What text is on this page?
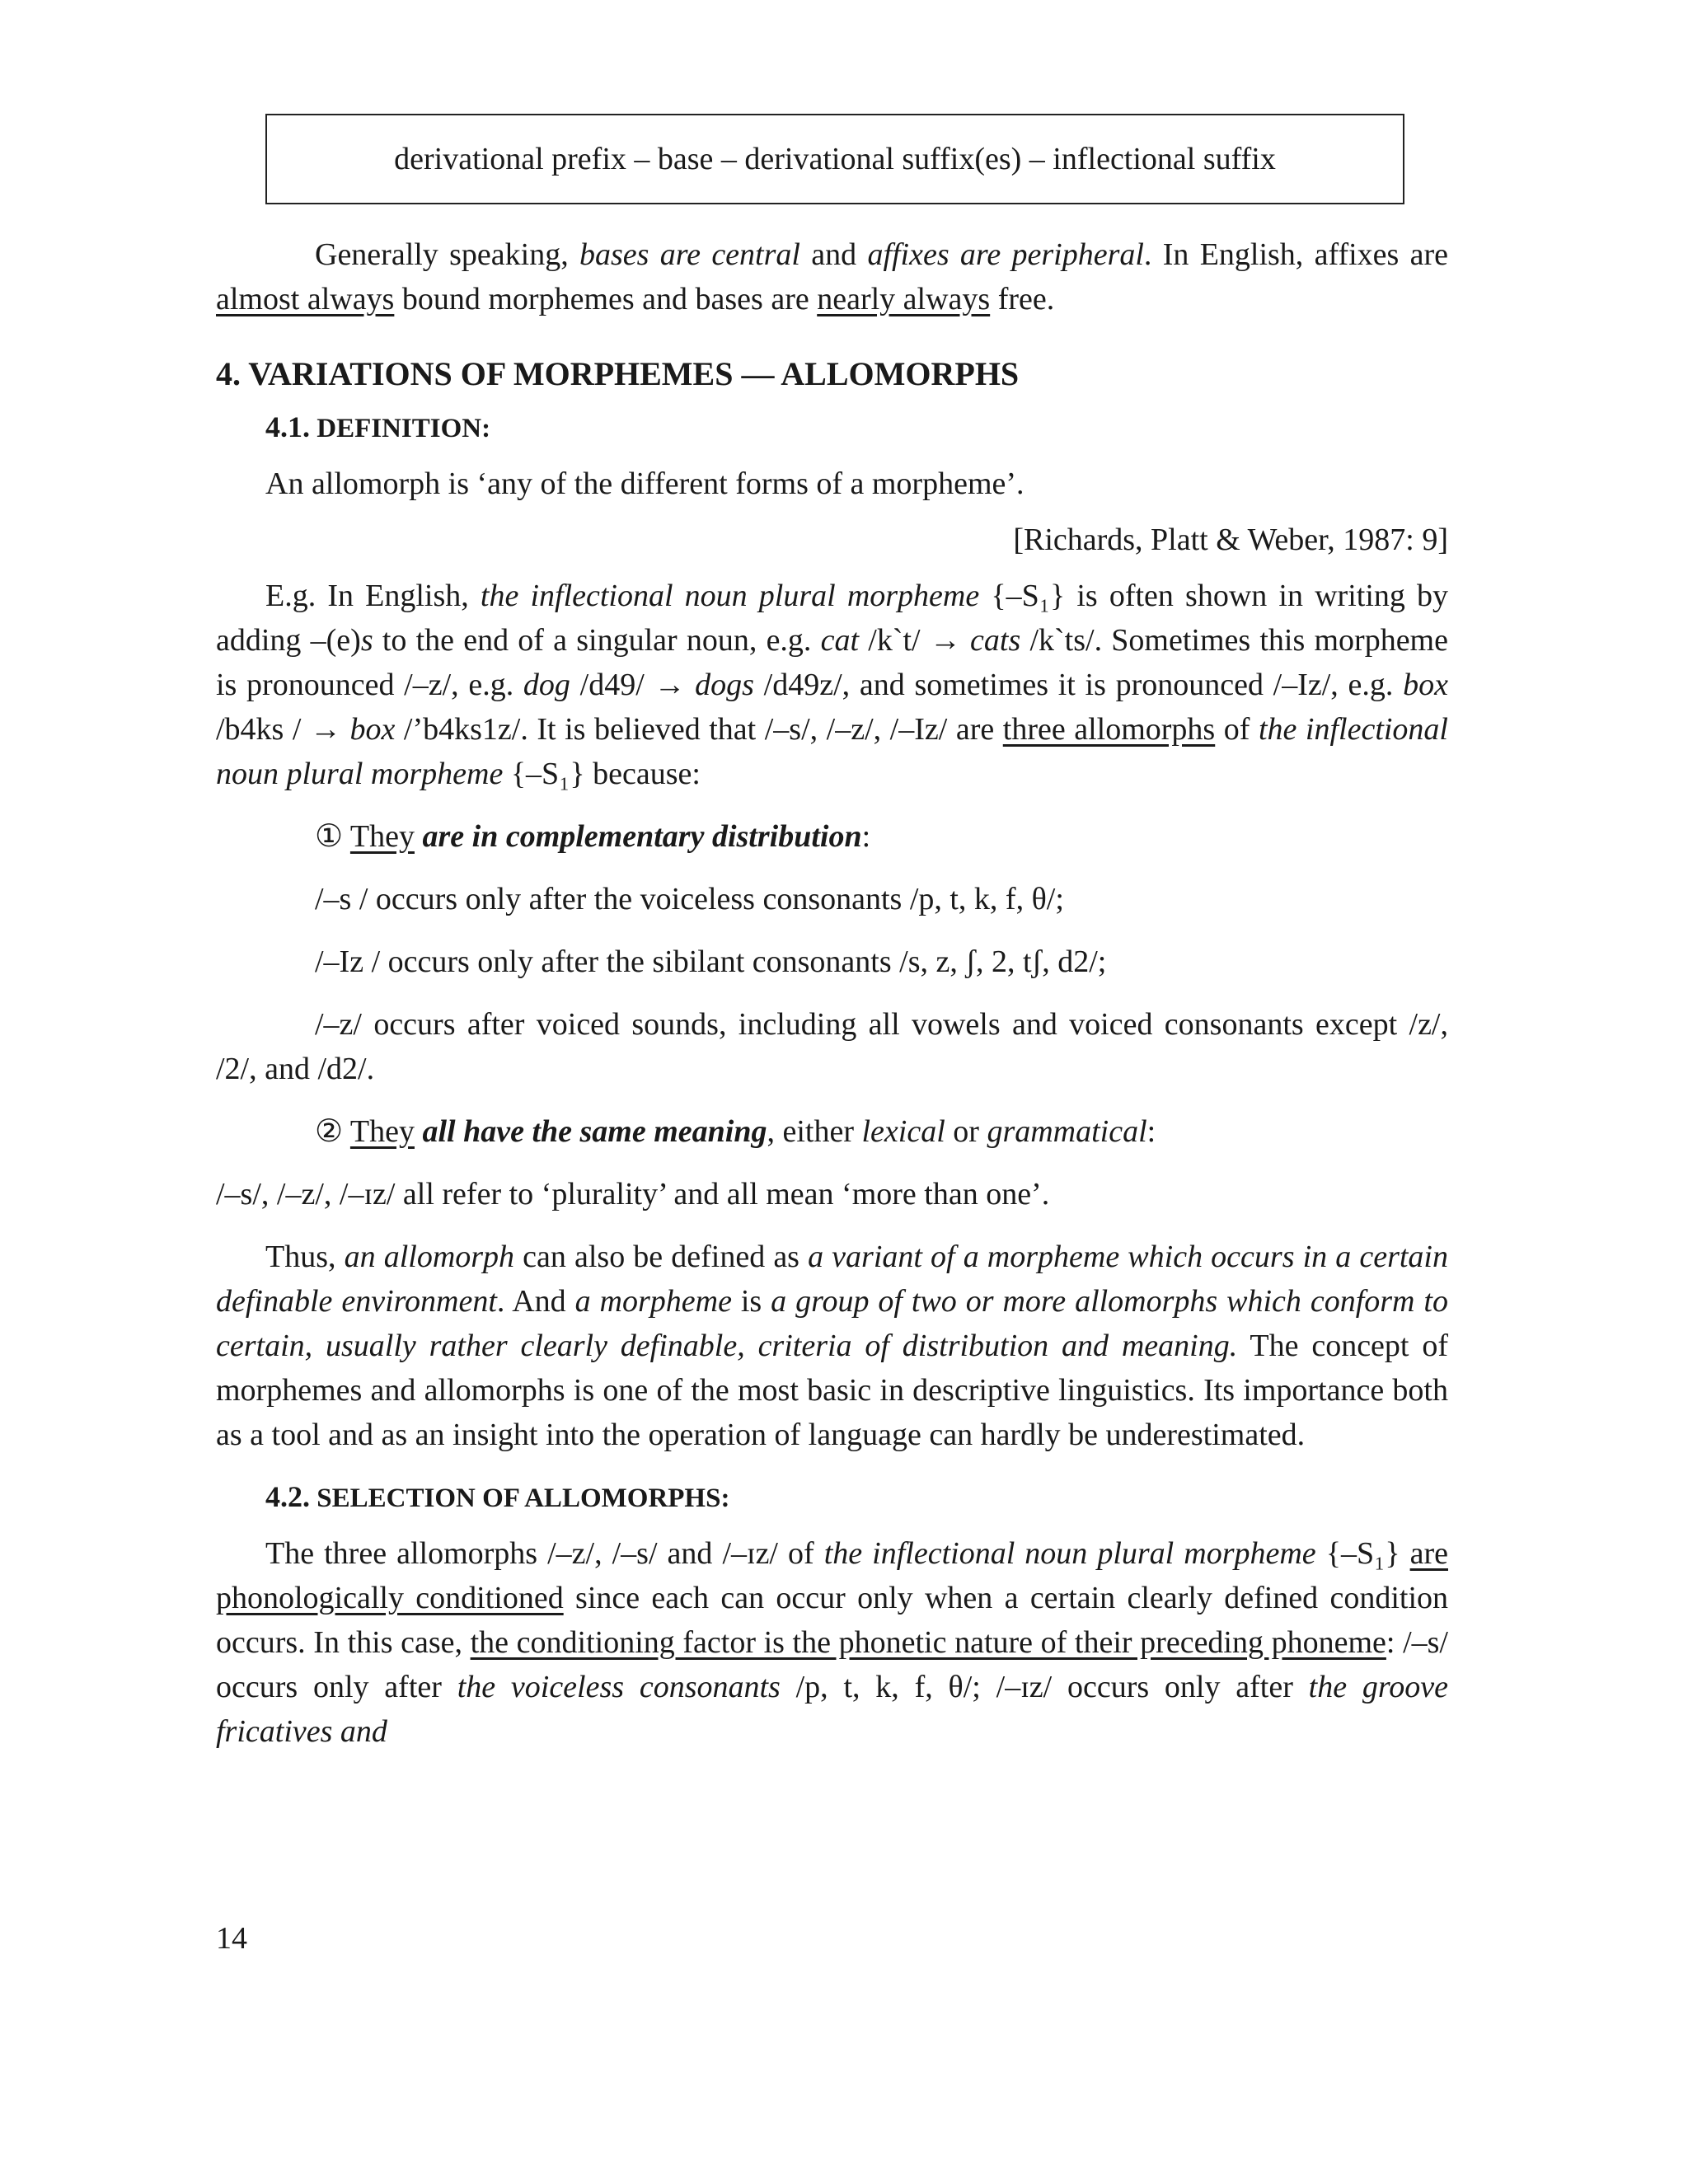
derivational prefix – base – derivational suffix(es) – inflectional suffix

Generally speaking, bases are central and affixes are peripheral. In English, affixes are almost always bound morphemes and bases are nearly always free.

4. VARIATIONS OF MORPHEMES — ALLOMORPHS
4.1. DEFINITION:

An allomorph is ‘any of the different forms of a morpheme’.

[Richards, Platt & Weber, 1987: 9]

E.g. In English, the inflectional noun plural morpheme {–S₁} is often shown in writing by adding –(e)s to the end of a singular noun, e.g. cat /k`t/ → cats /k`ts/. Sometimes this morpheme is pronounced /–z/, e.g. dog /d49/ → dogs /d49z/, and sometimes it is pronounced /–Iz/, e.g. box /b4ks / → box /’b4ks1z/. It is believed that /–s/, /–z/, /–Iz/ are three allomorphs of the inflectional noun plural morpheme {–S₁} because:

① They are in complementary distribution:

/–s / occurs only after the voiceless consonants /p, t, k, f, θ/;

/–Iz / occurs only after the sibilant consonants /s, z, ʃ, 2, tʃ, d2/;

/–z/ occurs after voiced sounds, including all vowels and voiced consonants except /z/, /2/, and /d2/.

② They all have the same meaning, either lexical or grammatical:

/–s/, /–z/, /–ɪz/ all refer to ‘plurality’ and all mean ‘more than one’.

Thus, an allomorph can also be defined as a variant of a morpheme which occurs in a certain definable environment. And a morpheme is a group of two or more allomorphs which conform to certain, usually rather clearly definable, criteria of distribution and meaning. The concept of morphemes and allomorphs is one of the most basic in descriptive linguistics. Its importance both as a tool and as an insight into the operation of language can hardly be underestimated.

4.2. SELECTION OF ALLOMORPHS:

The three allomorphs /–z/, /–s/ and /–ɪz/ of the inflectional noun plural morpheme {–S₁} are phonologically conditioned since each can occur only when a certain clearly defined condition occurs. In this case, the conditioning factor is the phonetic nature of their preceding phoneme: /–s/ occurs only after the voiceless consonants /p, t, k, f, θ/; /–ɪz/ occurs only after the groove fricatives and

14
